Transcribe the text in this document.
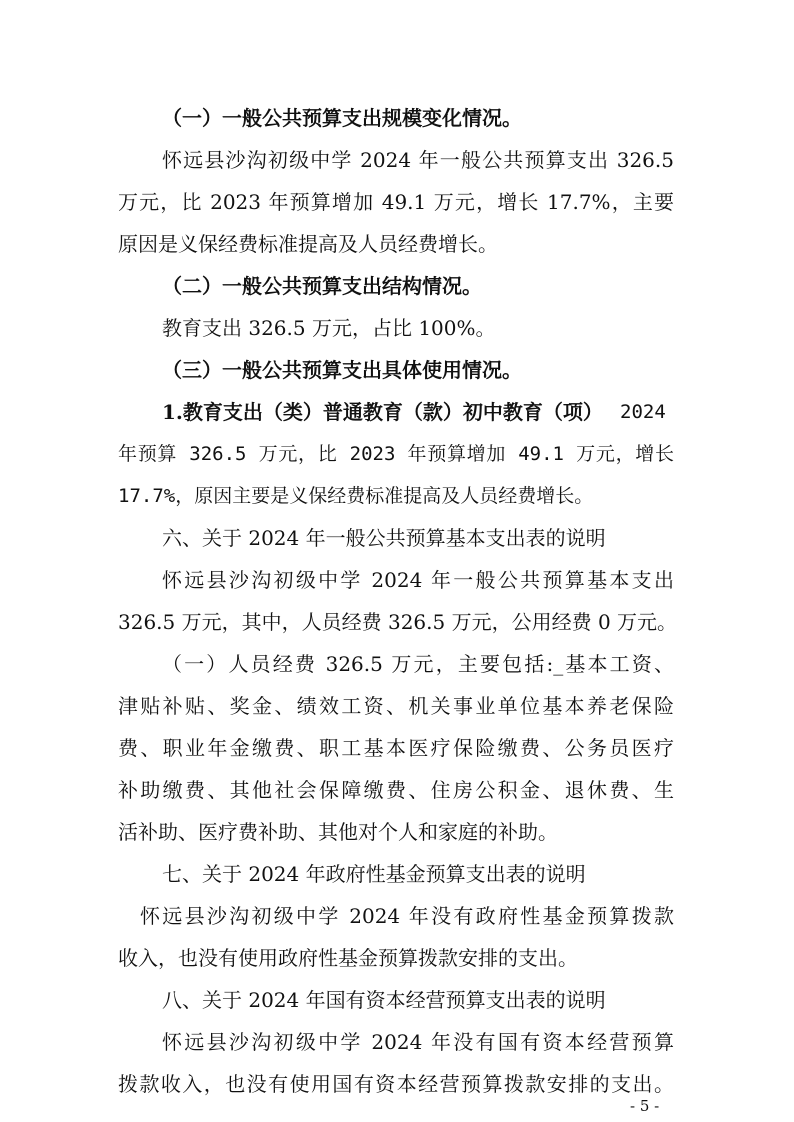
（一）一般公共预算支出规模变化情况。
怀远县沙沟初级中学 2024 年一般公共预算支出 326.5
万元，比 2023 年预算增加 49.1 万元，增长 17.7%，主要
原因是义保经费标准提高及人员经费增长。
（二）一般公共预算支出结构情况。
教育支出 326.5 万元，占比 100%。
（三）一般公共预算支出具体使用情况。
1.教育支出（类）普通教育（款）初中教育（项） 2024
年预算 326.5 万元，比 2023 年预算增加 49.1 万元，增长
17.7%，原因主要是义保经费标准提高及人员经费增长。
六、关于 2024 年一般公共预算基本支出表的说明
怀远县沙沟初级中学 2024 年一般公共预算基本支出
326.5 万元，其中，人员经费 326.5 万元，公用经费 0 万元。
（一）人员经费 326.5 万元，主要包括:_基本工资、
津贴补贴、奖金、绩效工资、机关事业单位基本养老保险
费、职业年金缴费、职工基本医疗保险缴费、公务员医疗
补助缴费、其他社会保障缴费、住房公积金、退休费、生
活补助、医疗费补助、其他对个人和家庭的补助。
七、关于 2024 年政府性基金预算支出表的说明
怀远县沙沟初级中学 2024 年没有政府性基金预算拨款
收入，也没有使用政府性基金预算拨款安排的支出。
八、关于 2024 年国有资本经营预算支出表的说明
怀远县沙沟初级中学 2024 年没有国有资本经营预算
拨款收入，也没有使用国有资本经营预算拨款安排的支出。
- 5 -
